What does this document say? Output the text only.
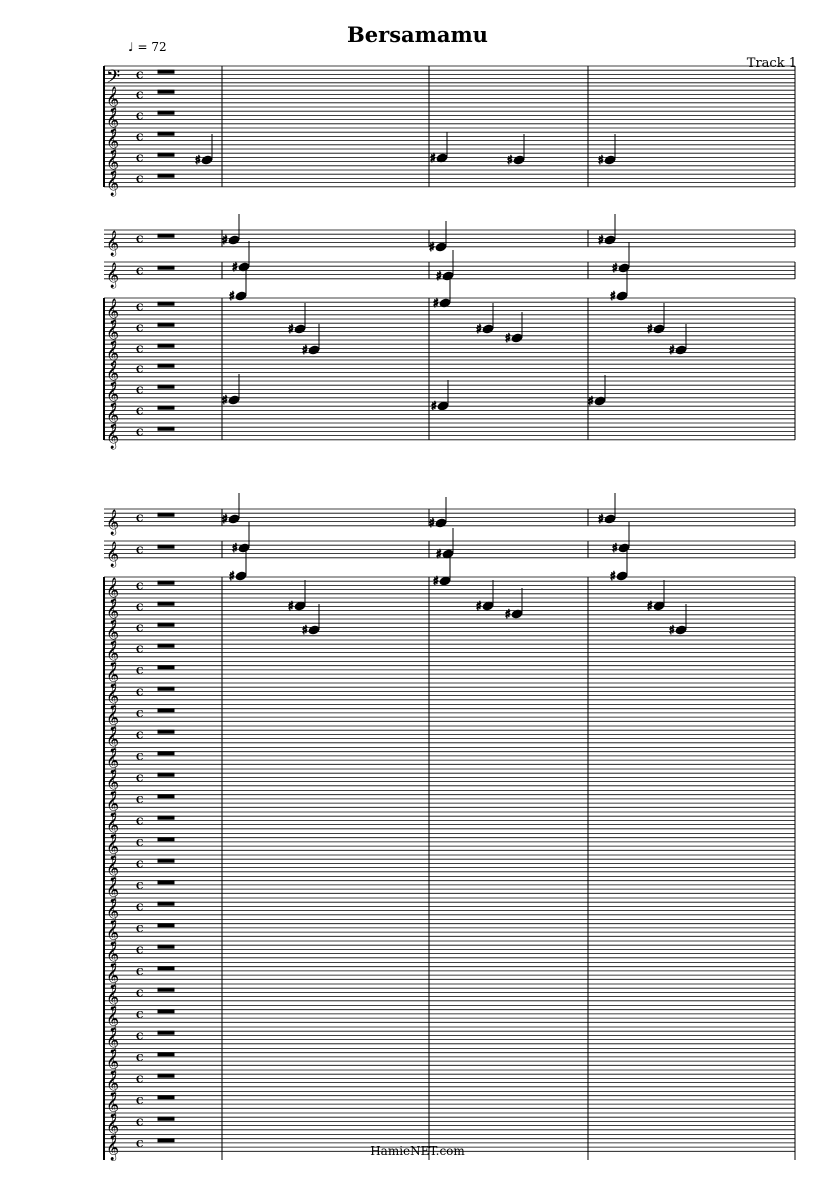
Bersamamu
Track 1
♩ = 72
𝄢 C
𝄞 C
𝄞 C
𝄞 C
𝄞 C
𝄞 C
𝄞 C
𝄞 C
𝄞 C
𝄞 C
𝄞 C
𝄞 C
𝄞 C
𝄞 C
𝄞 C
𝄞 C
𝄞 C
𝄞 C
𝄞 C
𝄞 C
𝄞 C
𝄞 C
𝄞 C
𝄞 C
𝄞 C
𝄞 C
𝄞 C
𝄞 C
𝄞 C
𝄞 C
𝄞 C
𝄞 C
𝄞 C
𝄞 C
𝄞 C
𝄞 C
𝄞 C
𝄞 C
𝄞 C
𝄞 C
𝄞 C
𝄞 C
𝄞 C
𝄞 C
♯	♯	♯	♯
♯
♯
♯
♯
♯
♯
♯
♯
♯
♯
♯
♯
♯
♯
♯
♯
♯
♯
♯
♯
♯
♯
♯
♯
♯
♯
♯
♯
♯
♯
♯
♯
♯
HamieNET.com
